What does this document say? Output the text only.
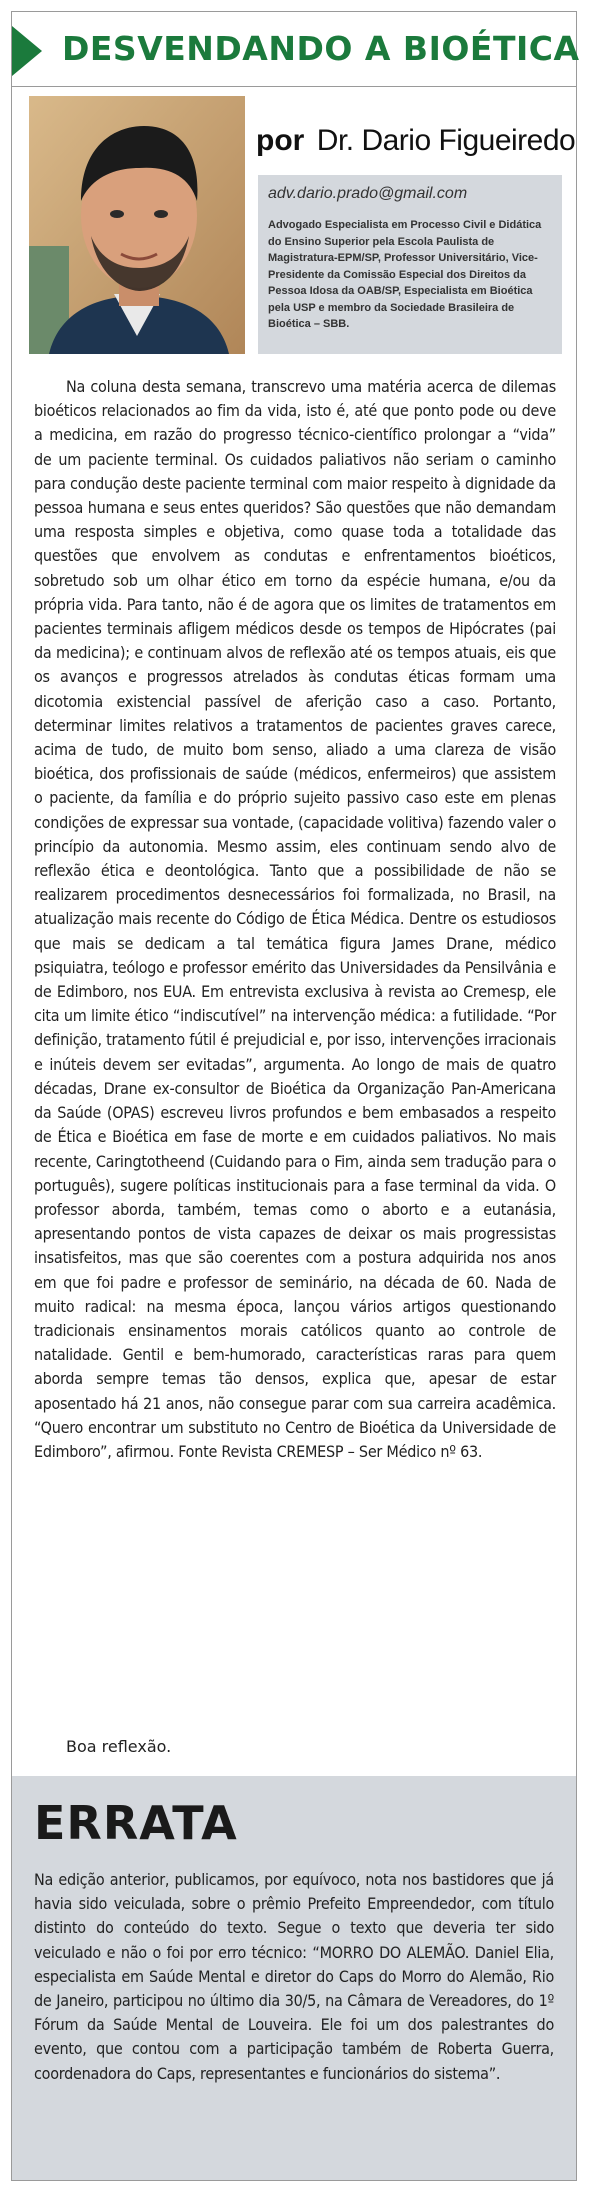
DESVENDANDO A BIOÉTICA
por Dr. Dario Figueiredo
adv.dario.prado@gmail.com
Advogado Especialista em Processo Civil e Didática do Ensino Superior pela Escola Paulista de Magistratura-EPM/SP, Professor Universitário, Vice-Presidente da Comissão Especial dos Direitos da Pessoa Idosa da OAB/SP, Especialista em Bioética pela USP e membro da Sociedade Brasileira de Bioética – SBB.

Na coluna desta semana, transcrevo uma matéria acerca de dilemas bioéticos relacionados ao fim da vida, isto é, até que ponto pode ou deve a medicina, em razão do progresso técnico-científico prolongar a “vida” de um paciente terminal. Os cuidados paliativos não seriam o caminho para condução deste paciente terminal com maior respeito à dignidade da pessoa humana e seus entes queridos? São questões que não demandam uma resposta simples e objetiva, como quase toda a totalidade das questões que envolvem as condutas e enfrentamentos bioéticos, sobretudo sob um olhar ético em torno da espécie humana, e/ou da própria vida. Para tanto, não é de agora que os limites de tratamentos em pacientes terminais afligem médicos desde os tempos de Hipócrates (pai da medicina); e continuam alvos de reflexão até os tempos atuais, eis que os avanços e progressos atrelados às condutas éticas formam uma dicotomia existencial passível de aferição caso a caso. Portanto, determinar limites relativos a tratamentos de pacientes graves carece, acima de tudo, de muito bom senso, aliado a uma clareza de visão bioética, dos profissionais de saúde (médicos, enfermeiros) que assistem o paciente, da família e do próprio sujeito passivo caso este em plenas condições de expressar sua vontade, (capacidade volitiva) fazendo valer o princípio da autonomia. Mesmo assim, eles continuam sendo alvo de reflexão ética e deontológica. Tanto que a possibilidade de não se realizarem procedimentos desnecessários foi formalizada, no Brasil, na atualização mais recente do Código de Ética Médica. Dentre os estudiosos que mais se dedicam a tal temática figura James Drane, médico psiquiatra, teólogo e professor emérito das Universidades da Pensilvânia e de Edimboro, nos EUA. Em entrevista exclusiva à revista ao Cremesp, ele cita um limite ético “indiscutível” na intervenção médica: a futilidade. “Por definição, tratamento fútil é prejudicial e, por isso, intervenções irracionais e inúteis devem ser evitadas”, argumenta. Ao longo de mais de quatro décadas, Drane ex-consultor de Bioética da Organização Pan-Americana da Saúde (OPAS) escreveu livros profundos e bem embasados a respeito de Ética e Bioética em fase de morte e em cuidados paliativos. No mais recente, Caringtotheend (Cuidando para o Fim, ainda sem tradução para o português), sugere políticas institucionais para a fase terminal da vida. O professor aborda, também, temas como o aborto e a eutanásia, apresentando pontos de vista capazes de deixar os mais progressistas insatisfeitos, mas que são coerentes com a postura adquirida nos anos em que foi padre e professor de seminário, na década de 60. Nada de muito radical: na mesma época, lançou vários artigos questionando tradicionais ensinamentos morais católicos quanto ao controle de natalidade. Gentil e bem-humorado, características raras para quem aborda sempre temas tão densos, explica que, apesar de estar aposentado há 21 anos, não consegue parar com sua carreira acadêmica. “Quero encontrar um substituto no Centro de Bioética da Universidade de Edimboro”, afirmou. Fonte Revista CREMESP – Ser Médico nº 63.

Boa reflexão.
ERRATA

Na edição anterior, publicamos, por equívoco, nota nos bastidores que já havia sido veiculada, sobre o prêmio Prefeito Empreendedor, com título distinto do conteúdo do texto. Segue o texto que deveria ter sido veiculado e não o foi por erro técnico: “MORRO DO ALEMÃO. Daniel Elia, especialista em Saúde Mental e diretor do Caps do Morro do Alemão, Rio de Janeiro, participou no último dia 30/5, na Câmara de Vereadores, do 1º Fórum da Saúde Mental de Louveira. Ele foi um dos palestrantes do evento, que contou com a participação também de Roberta Guerra, coordenadora do Caps, representantes e funcionários do sistema”.
